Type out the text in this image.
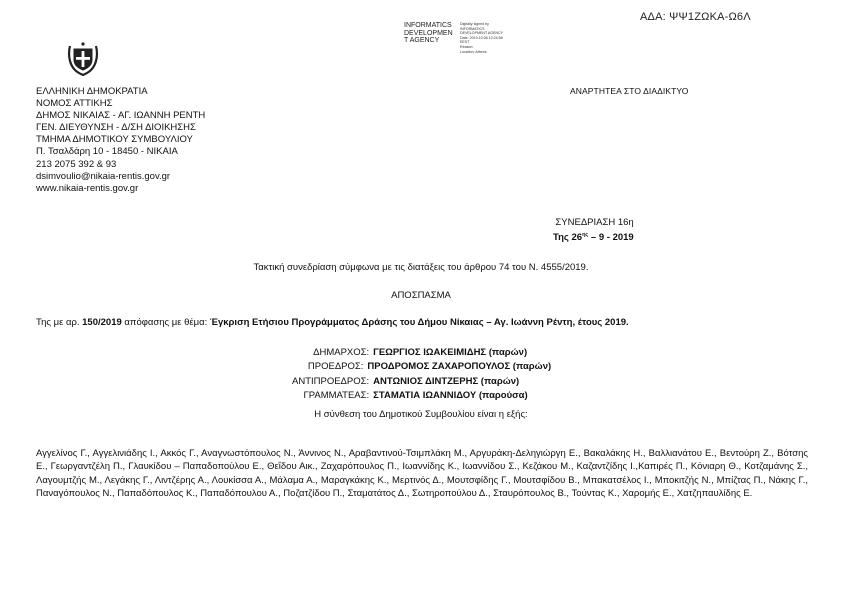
ΑΔΑ: ΨΨ1ΖΩΚΑ-Ω6Λ
INFORMATICS
DEVELOPMEN
T AGENCY
Digitally signed by
INFORMATICS
DEVELOPMENT AGENCY
Date: 2019.10.08 12:24:58
EEST
Reason:
Location: Athens
ΕΛΛΗΝΙΚΗ ΔΗΜΟΚΡΑΤΙΑ
ΝΟΜΟΣ ΑΤΤΙΚΗΣ
ΔΗΜΟΣ ΝΙΚΑΙΑΣ - ΑΓ. ΙΩΑΝΝΗ ΡΕΝΤΗ
ΓΕΝ. ΔΙΕΥΘΥΝΣΗ - Δ/ΣΗ ΔΙΟΙΚΗΣΗΣ
ΤΜΗΜΑ ΔΗΜΟΤΙΚΟΥ ΣΥΜΒΟΥΛΙΟΥ
Π. Τσαλδάρη 10 - 18450 - ΝΙΚΑΙΑ
213 2075 392 & 93
dsimvoulio@nikaia-rentis.gov.gr
www.nikaia-rentis.gov.gr
ΑΝΑΡΤΗΤΕΑ ΣΤΟ ΔΙΑΔΙΚΤΥΟ
ΣΥΝΕΔΡΙΑΣΗ 16η
Της $26^{\eta\varsigma} - 9 - 2019$
Τακτική συνεδρίαση σύμφωνα με τις διατάξεις του άρθρου 74 του Ν. 4555/2019.
ΑΠΟΣΠΑΣΜΑ
Της με αρ. 150/2019 απόφασης με θέμα: Έγκριση Ετήσιου Προγράμματος Δράσης του Δήμου Νίκαιας – Αγ. Ιωάννη Ρέντη, έτους 2019.
ΔΗΜΑΡΧΟΣ: ΓΕΩΡΓΙΟΣ ΙΩΑΚΕΙΜΙΔΗΣ (παρών)
ΠΡΟΕΔΡΟΣ: ΠΡΟΔΡΟΜΟΣ ΖΑΧΑΡΟΠΟΥΛΟΣ (παρών)
ΑΝΤΙΠΡΟΕΔΡΟΣ: ΑΝΤΩΝΙΟΣ ΔΙΝΤΖΕΡΗΣ (παρών)
ΓΡΑΜΜΑΤΕΑΣ: ΣΤΑΜΑΤΙΑ ΙΩΑΝΝΙΔΟΥ (παρούσα)
Η σύνθεση του Δημοτικού Συμβουλίου είναι η εξής:
Αγγελίνος Γ., Αγγελινιάδης Ι., Ακκός Γ., Αναγνωστόπουλος Ν., Άννινος Ν., Αραβαντινού-Τσιμπλάκη Μ., Αργυράκη-Δεληγιώργη Ε., Βακαλάκης Η., Βαλλιανάτου Ε., Βεντούρη Ζ., Βότσης Ε., Γεωργαντζέλη Π., Γλαυκίδου – Παπαδοπούλου Ε., Θεΐδου Αικ., Ζαχαρόπουλος Π., Ιωαννίδης Κ., Ιωαννίδου Σ., Κεζάκου Μ., Καζαντζίδης Ι.,Καπιρές Π., Κόνιαρη Θ., Κοτζαμάνης Σ., Λαγουμτζής Μ., Λεγάκης Γ., Λιντζέρης Α., Λουκίσσα Α., Μάλαμα Α., Μαραγκάκης Κ., Μερτινός Δ., Μουτσφίδης Γ., Μουτσφίδου Β., Μπακατσέλος Ι., Μποκιτζής Ν., Μπίζτας Π., Νάκης Γ., Παναγόπουλος Ν., Παπαδόπουλος Κ., Παπαδόπουλου Α., Ποζατζίδου Π., Σταματάτος Δ., Σωτηροπούλου Δ., Σταυρόπουλος Β., Τούντας Κ., Χαρομής Ε., Χατζηπαυλίδης Ε.
